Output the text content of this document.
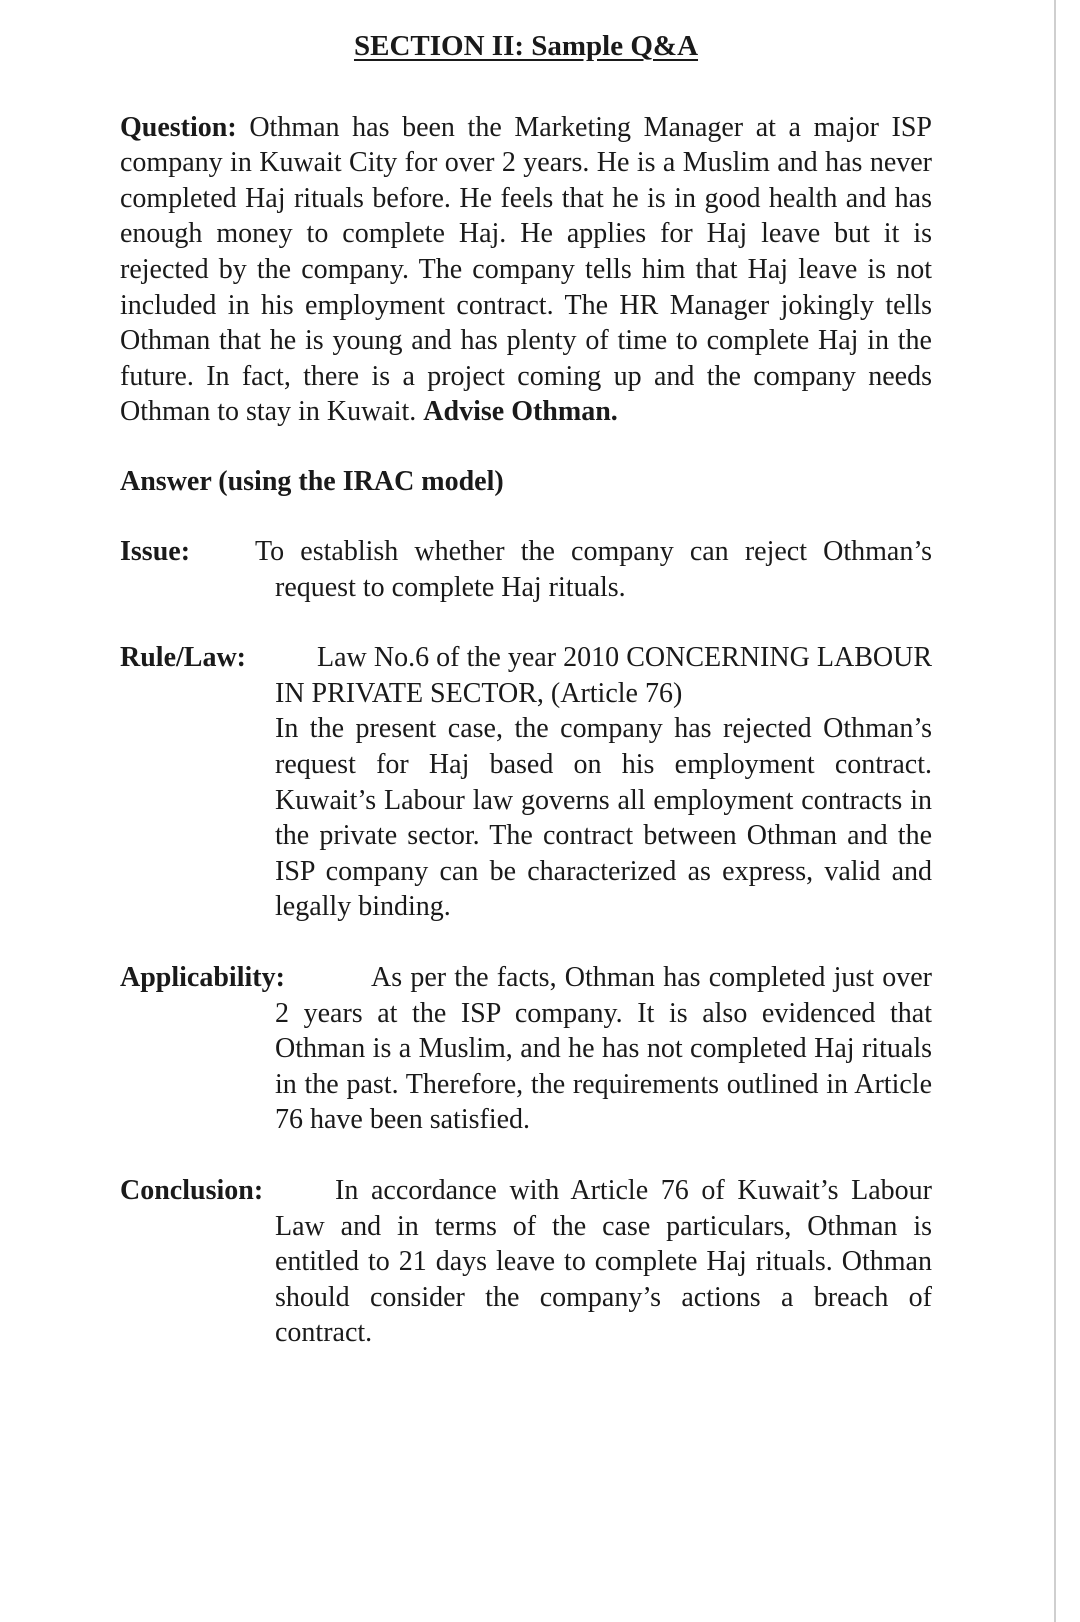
SECTION II: Sample Q&A

Question: Othman has been the Marketing Manager at a major ISP company in Kuwait City for over 2 years. He is a Muslim and has never completed Haj rituals before. He feels that he is in good health and has enough money to complete Haj. He applies for Haj leave but it is rejected by the company. The company tells him that Haj leave is not included in his employment contract. The HR Manager jokingly tells Othman that he is young and has plenty of time to complete Haj in the future. In fact, there is a project coming up and the company needs Othman to stay in Kuwait. Advise Othman.

Answer (using the IRAC model)
Issue: To establish whether the company can reject Othman’s request to complete Haj rituals.

Rule/Law:	Law No.6 of the year 2010 CONCERNING LABOUR IN PRIVATE SECTOR, (Article 76)

In the present case, the company has rejected Othman’s request for Haj based on his employment contract. Kuwait’s Labour law governs all employment contracts in the private sector. The contract between Othman and the ISP company can be characterized as express, valid and legally binding.

Applicability:	As per the facts, Othman has completed just over 2 years at the ISP company. It is also evidenced that Othman is a Muslim, and he has not completed Haj rituals in the past. Therefore, the requirements outlined in Article 76 have been satisfied.

Conclusion:	In accordance with Article 76 of Kuwait’s Labour Law and in terms of the case particulars, Othman is entitled to 21 days leave to complete Haj rituals. Othman should consider the company’s actions a breach of contract.
